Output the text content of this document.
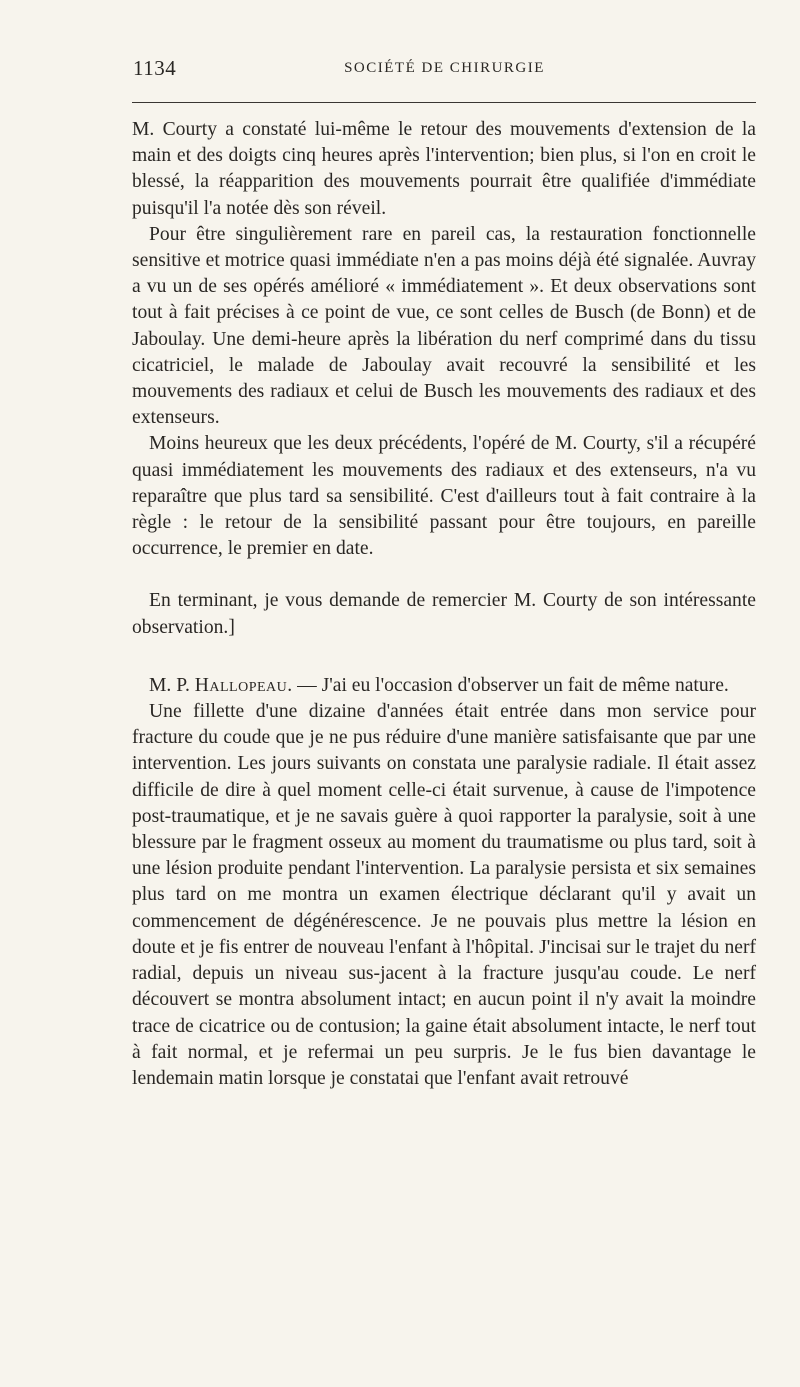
1134	SOCIÉTÉ DE CHIRURGIE

M. Courty a constaté lui-même le retour des mouvements d'extension de la main et des doigts cinq heures après l'intervention; bien plus, si l'on en croit le blessé, la réapparition des mouvements pourrait être qualifiée d'immédiate puisqu'il l'a notée dès son réveil.

Pour être singulièrement rare en pareil cas, la restauration fonctionnelle sensitive et motrice quasi immédiate n'en a pas moins déjà été signalée. Auvray a vu un de ses opérés amélioré « immédiatement ». Et deux observations sont tout à fait précises à ce point de vue, ce sont celles de Busch (de Bonn) et de Jaboulay. Une demi-heure après la libération du nerf comprimé dans du tissu cicatriciel, le malade de Jaboulay avait recouvré la sensibilité et les mouvements des radiaux et celui de Busch les mouvements des radiaux et des extenseurs.

Moins heureux que les deux précédents, l'opéré de M. Courty, s'il a récupéré quasi immédiatement les mouvements des radiaux et des extenseurs, n'a vu reparaître que plus tard sa sensibilité. C'est d'ailleurs tout à fait contraire à la règle : le retour de la sensibilité passant pour être toujours, en pareille occurrence, le premier en date.

En terminant, je vous demande de remercier M. Courty de son intéressante observation.]

M. P. Hallopeau. — J'ai eu l'occasion d'observer un fait de même nature.

Une fillette d'une dizaine d'années était entrée dans mon service pour fracture du coude que je ne pus réduire d'une manière satisfaisante que par une intervention. Les jours suivants on constata une paralysie radiale. Il était assez difficile de dire à quel moment celle-ci était survenue, à cause de l'impotence post-traumatique, et je ne savais guère à quoi rapporter la paralysie, soit à une blessure par le fragment osseux au moment du traumatisme ou plus tard, soit à une lésion produite pendant l'intervention. La paralysie persista et six semaines plus tard on me montra un examen électrique déclarant qu'il y avait un commencement de dégénérescence. Je ne pouvais plus mettre la lésion en doute et je fis entrer de nouveau l'enfant à l'hôpital. J'incisai sur le trajet du nerf radial, depuis un niveau sus-jacent à la fracture jusqu'au coude. Le nerf découvert se montra absolument intact; en aucun point il n'y avait la moindre trace de cicatrice ou de contusion; la gaine était absolument intacte, le nerf tout à fait normal, et je refermai un peu surpris. Je le fus bien davantage le lendemain matin lorsque je constatai que l'enfant avait retrouvé
